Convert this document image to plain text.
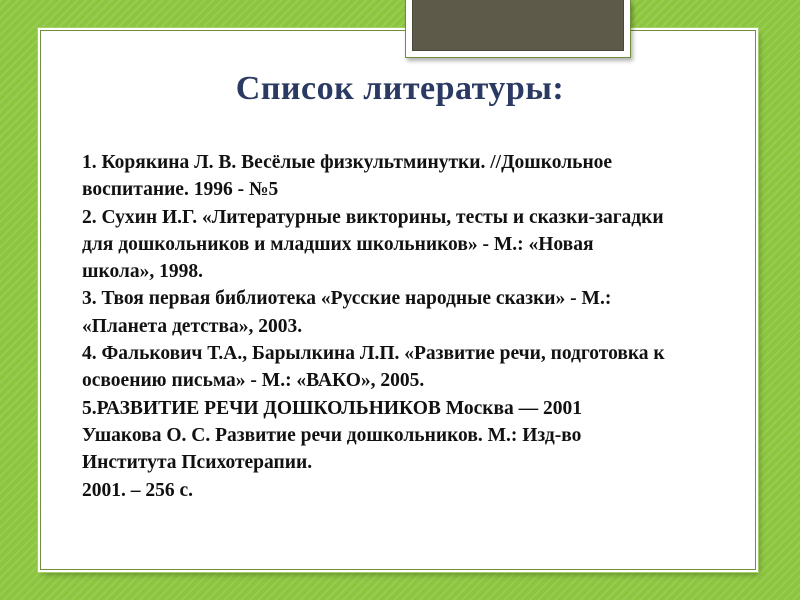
Список литературы:
1. Корякина Л. В. Весёлые физкультминутки. //Дошкольное
воспитание. 1996 - №5
2. Сухин И.Г. «Литературные викторины, тесты и сказки-загадки
для дошкольников и младших школьников» - М.: «Новая
школа», 1998.
3. Твоя первая библиотека «Русские народные сказки» - М.:
«Планета детства», 2003.
4. Фалькович Т.А., Барылкина Л.П. «Развитие речи, подготовка к
освоению письма» - М.: «ВАКО», 2005.
5.РАЗВИТИЕ РЕЧИ ДОШКОЛЬНИКОВ Москва — 2001
Ушакова О. С. Развитие речи дошкольников. М.: Изд-во
Института Психотерапии.
2001. – 256 с.
